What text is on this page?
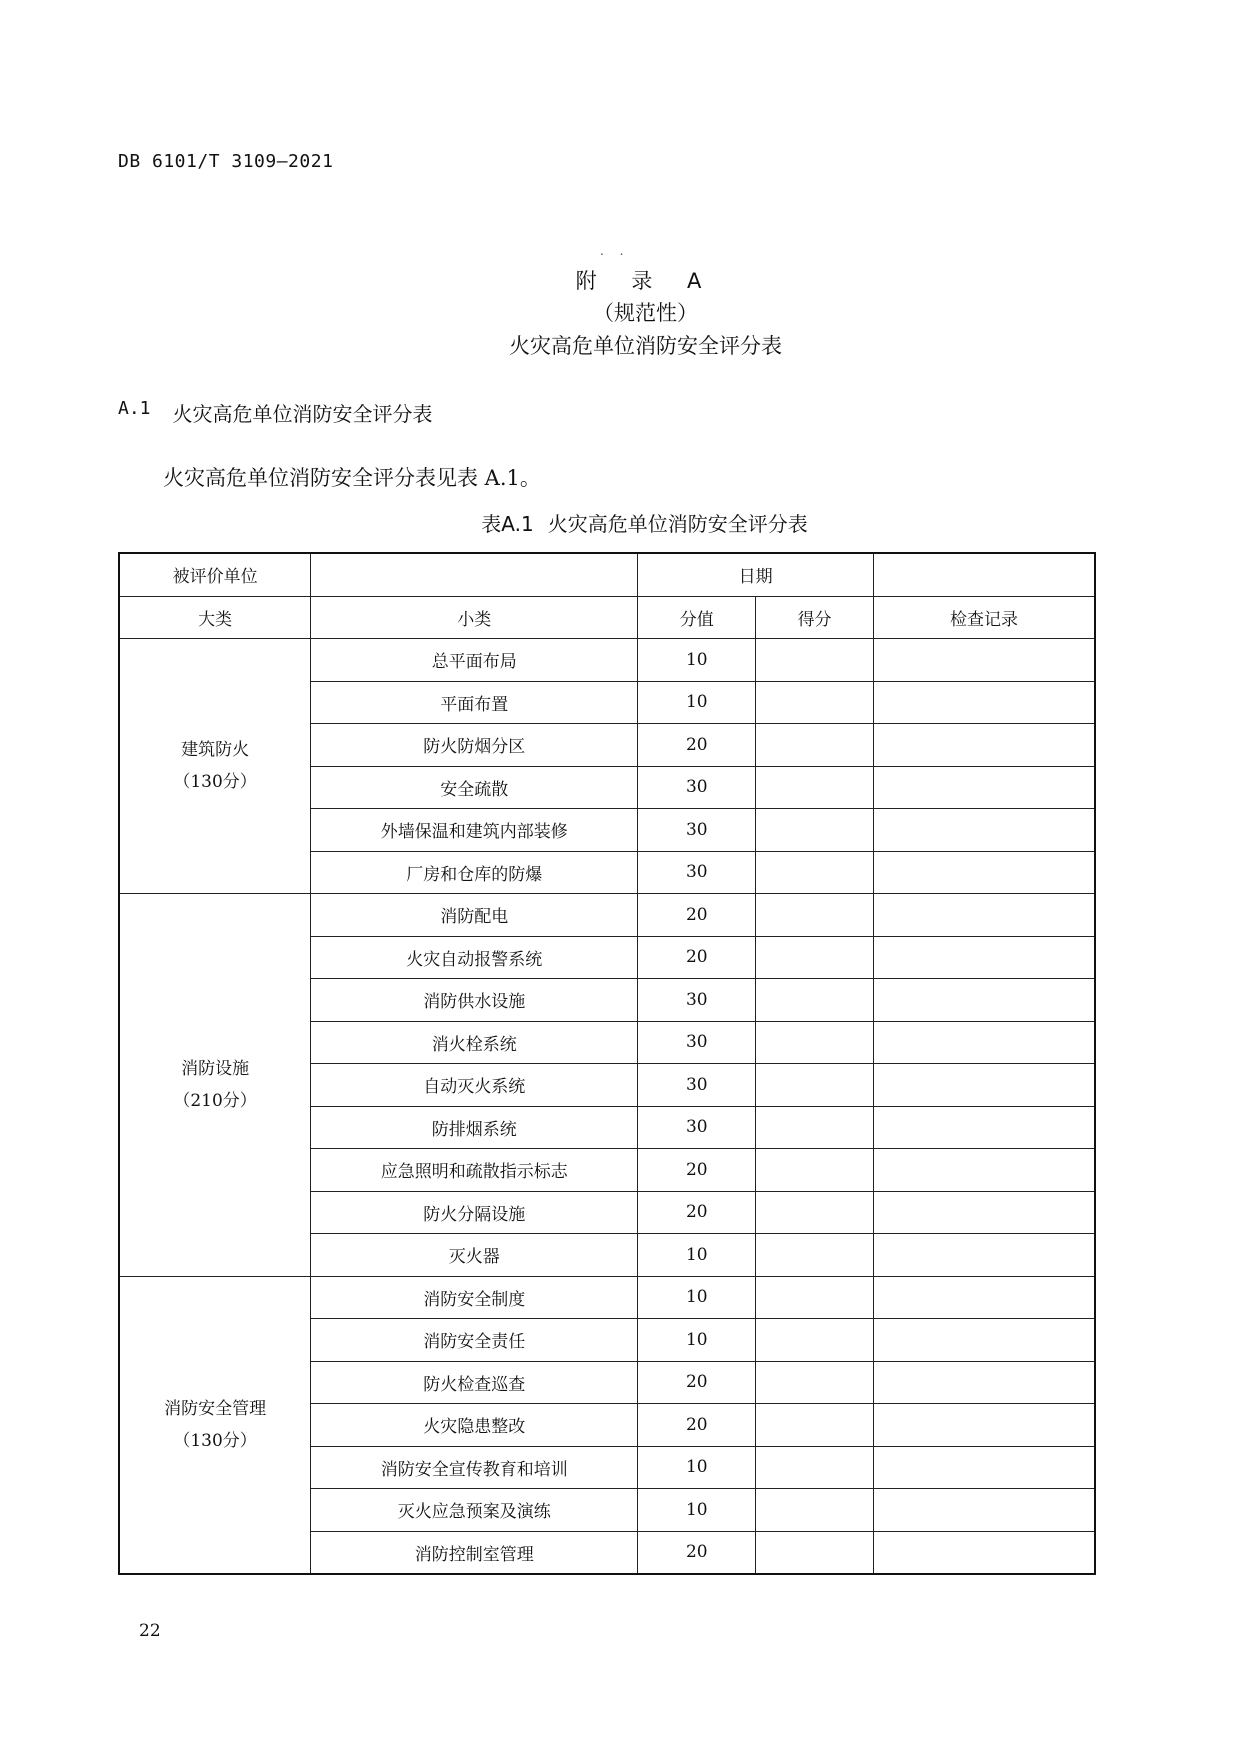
DB 6101/T 3109—2021
. .
附 录 A
（规范性）
火灾高危单位消防安全评分表
A.1 火灾高危单位消防安全评分表
火灾高危单位消防安全评分表见表 A.1。
表A.1 火灾高危单位消防安全评分表
被评价单位		日期		
大类	小类	分值	得分	检查记录

建筑防火
（130分）	总平面布局	10		
	平面布置	10		
	防火防烟分区	20		
	安全疏散	30		
	外墙保温和建筑内部装修	30		
	厂房和仓库的防爆	30		

消防设施
（210分）	消防配电	20		
	火灾自动报警系统	20		
	消防供水设施	30		
	消火栓系统	30		
	自动灭火系统	30		
	防排烟系统	30		
	应急照明和疏散指示标志	20		
	防火分隔设施	20		
	灭火器	10		

消防安全管理
（130分）	消防安全制度	10		
	消防安全责任	10		
	防火检查巡查	20		
	火灾隐患整改	20		
	消防安全宣传教育和培训	10		
	灭火应急预案及演练	10		
	消防控制室管理	20		
22
